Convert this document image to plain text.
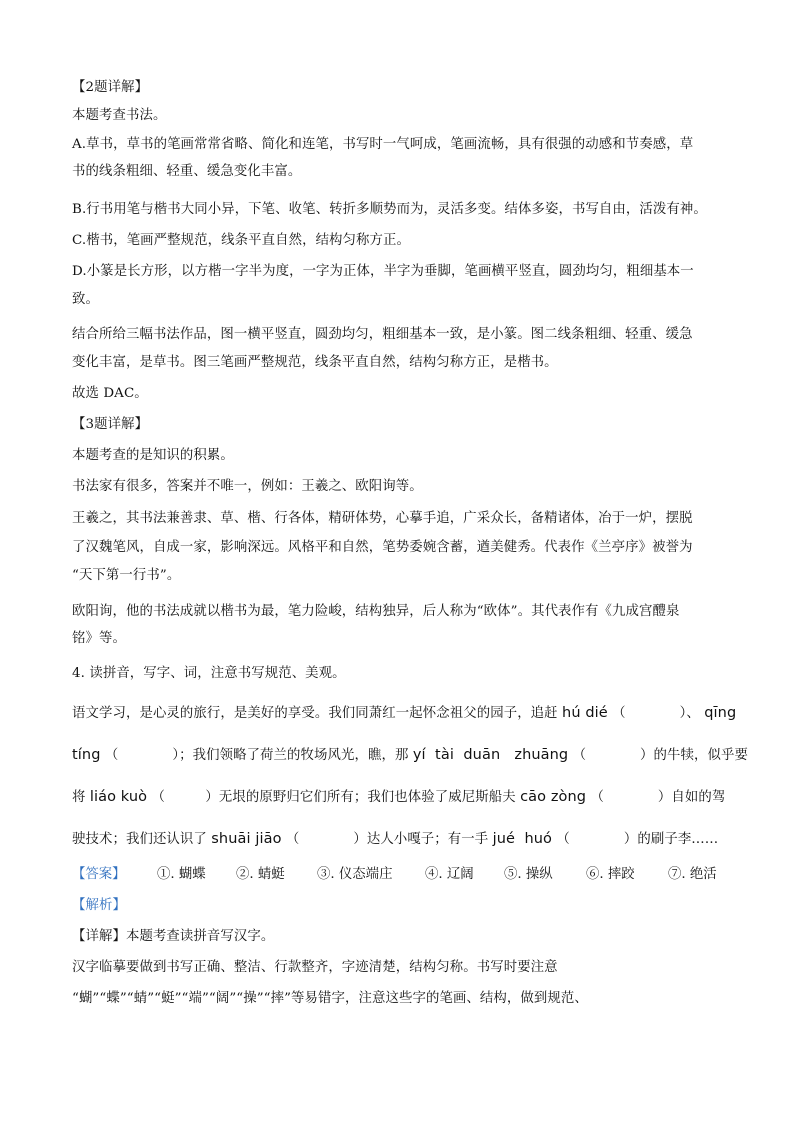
【2题详解】
本题考查书法。
A.草书，草书的笔画常常省略、简化和连笔，书写时一气呵成，笔画流畅，具有很强的动感和节奏感，草
书的线条粗细、轻重、缓急变化丰富。
B.行书用笔与楷书大同小异，下笔、收笔、转折多顺势而为，灵活多变。结体多姿，书写自由，活泼有神。
C.楷书，笔画严整规范，线条平直自然，结构匀称方正。
D.小篆是长方形，以方楷一字半为度，一字为正体，半字为垂脚，笔画横平竖直，圆劲均匀，粗细基本一
致。
结合所给三幅书法作品，图一横平竖直，圆劲均匀，粗细基本一致，是小篆。图二线条粗细、轻重、缓急
变化丰富，是草书。图三笔画严整规范，线条平直自然，结构匀称方正，是楷书。
故选 DAC。
【3题详解】
本题考查的是知识的积累。
书法家有很多，答案并不唯一，例如：王羲之、欧阳询等。
王羲之，其书法兼善隶、草、楷、行各体，精研体势，心摹手追，广采众长，备精诸体，冶于一炉，摆脱
了汉魏笔风，自成一家，影响深远。风格平和自然，笔势委婉含蓄，遒美健秀。代表作《兰亭序》被誉为
“天下第一行书”。
欧阳询，他的书法成就以楷书为最，笔力险峻，结构独异，后人称为“欧体”。其代表作有《九成宫醴泉
铭》等。
4. 读拼音，写字、词，注意书写规范、美观。
语文学习，是心灵的旅行，是美好的享受。我们同萧红一起怀念祖父的园子，追赶 hú dié （　　　　）、 qīng
tíng （　　　　）；我们领略了荷兰的牧场风光，瞧，那 yí  tài  duān   zhuāng （　　　　）的牛犊，似乎要
将 liáo kuò （　　　）无垠的原野归它们所有；我们也体验了威尼斯船夫 cāo zòng （　　　　）自如的驾
驶技术；我们还认识了 shuāi jiāo （　　　　）达人小嘎子；有一手 jué  huó （　　　　）的刷子李……
【答案】 ①. 蝴蝶 ②. 蜻蜓 ③. 仪态端庄 ④. 辽阔 ⑤. 操纵 ⑥. 摔跤 ⑦. 绝活
【解析】
【详解】本题考查读拼音写汉字。
汉字临摹要做到书写正确、整洁、行款整齐，字迹清楚，结构匀称。书写时要注意
“蝴”“蝶”“蜻”“蜓”“端”“阔”“操”“摔”等易错字，注意这些字的笔画、结构，做到规范、
